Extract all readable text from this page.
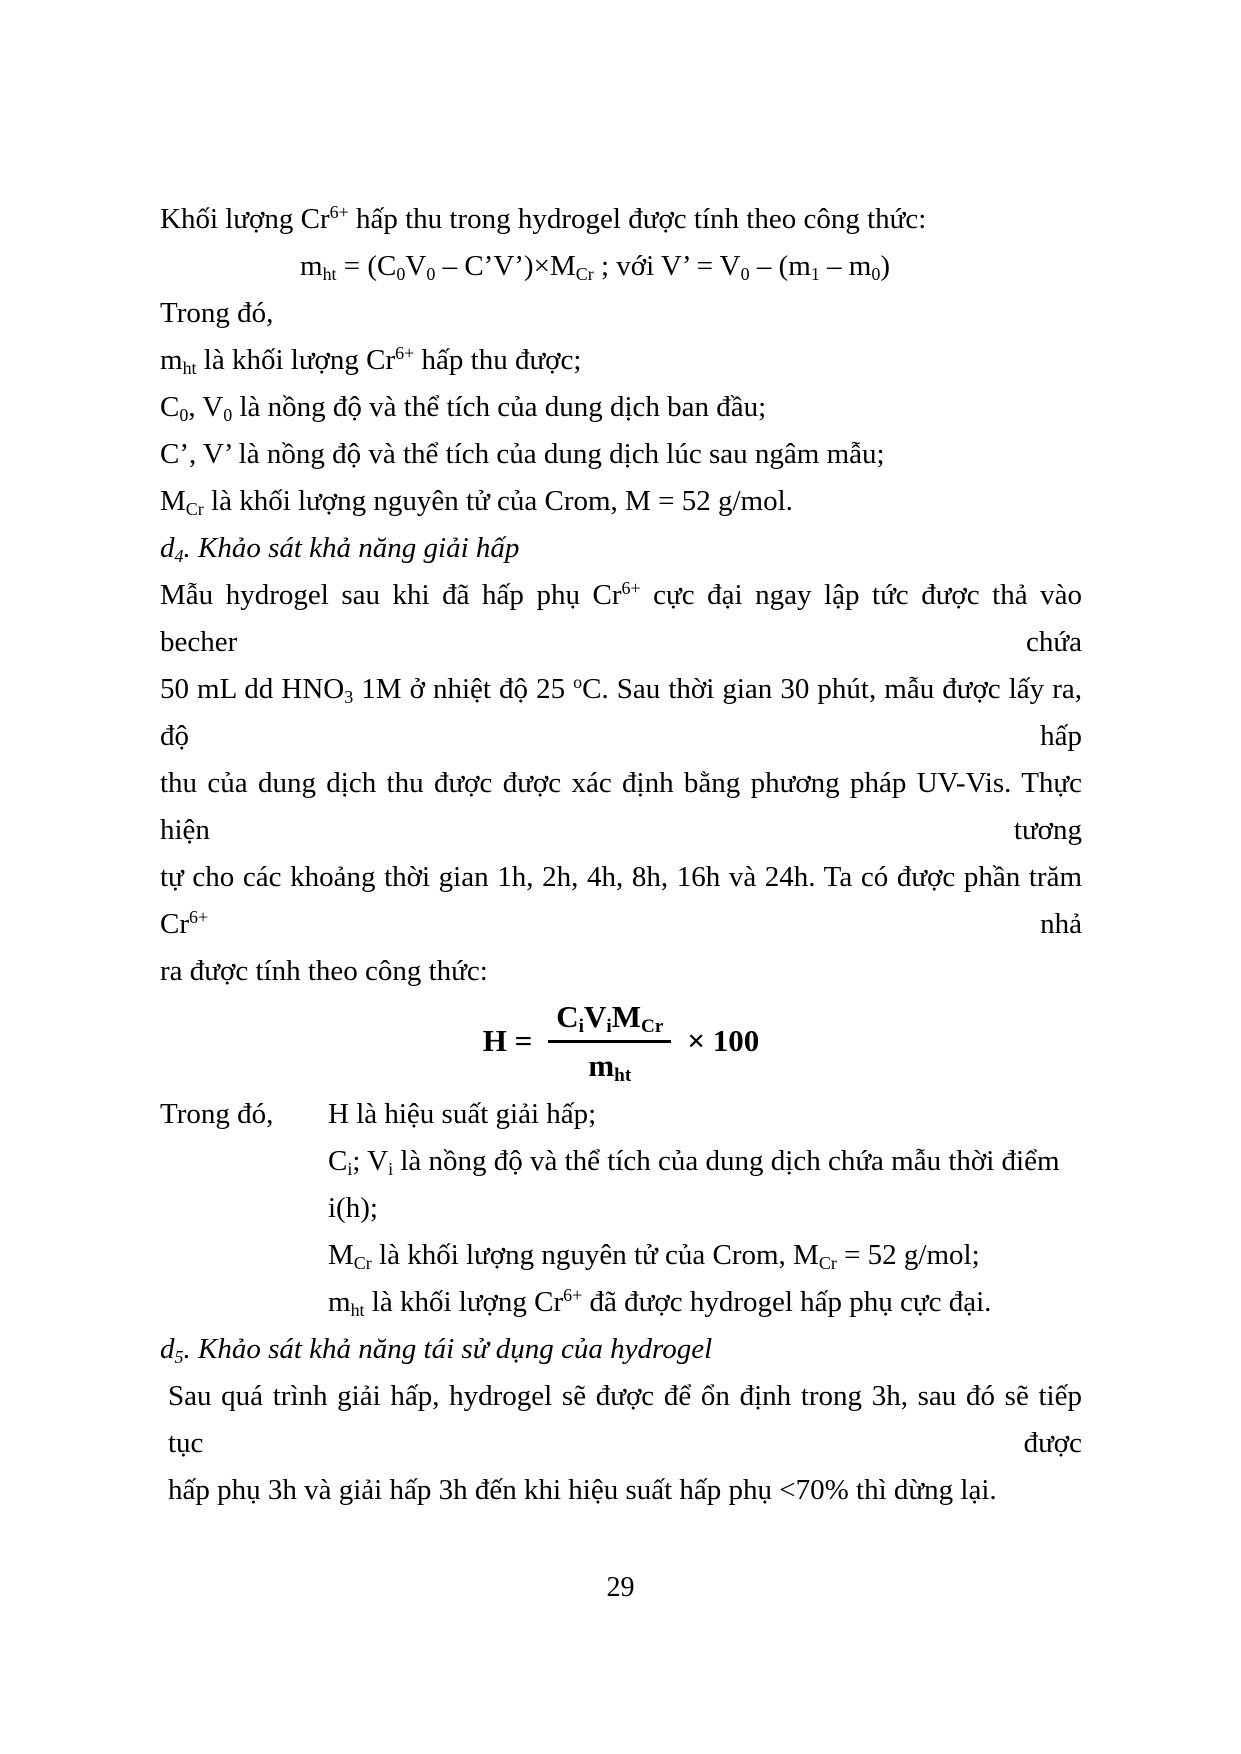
Khối lượng $Cr^{6+}$ hấp thu trong hydrogel được tính theo công thức:

$m_{ht} = (C_0V_0$ – $C’V’)\times M_{Cr}$ ; với V’ = $V_0 - (m_1 - m_0)$

Trong đó,

$m_{ht}$ là khối lượng $Cr^{6+}$ hấp thu được;

$C_0$, $V_0$ là nồng độ và thể tích của dung dịch ban đầu;

C’, V’ là nồng độ và thể tích của dung dịch lúc sau ngâm mẫu;

$M_{Cr}$ là khối lượng nguyên tử của Crom, M = 52 g/mol.

$d_4$. Khảo sát khả năng giải hấp

Mẫu hydrogel sau khi đã hấp phụ $Cr^{6+}$ cực đại ngay lập tức được thả vào becher chứa

50 mL dd $HNO_3$ 1M ở nhiệt độ 25 $^o$C. Sau thời gian 30 phút, mẫu được lấy ra, độ hấp

thu của dung dịch thu được được xác định bằng phương pháp UV-Vis. Thực hiện tương

tự cho các khoảng thời gian 1h, 2h, 4h, 8h, 16h và 24h. Ta có được phần trăm $Cr^{6+}$ nhả

ra được tính theo công thức:

$H = \frac{C_iV_iM_{Cr}}{m_{ht}} \times 100$

Trong đó, H là hiệu suất giải hấp;

$C_i$; $V_i$ là nồng độ và thể tích của dung dịch chứa mẫu thời điểm i(h);

$M_{Cr}$ là khối lượng nguyên tử của Crom, $M_{Cr} = 52$ g/mol;

$m_{ht}$ là khối lượng $Cr^{6+}$ đã được hydrogel hấp phụ cực đại.

$d_5$. Khảo sát khả năng tái sử dụng của hydrogel

Sau quá trình giải hấp, hydrogel sẽ được để ổn định trong 3h, sau đó sẽ tiếp tục được

hấp phụ 3h và giải hấp 3h đến khi hiệu suất hấp phụ <70% thì dừng lại.

29
